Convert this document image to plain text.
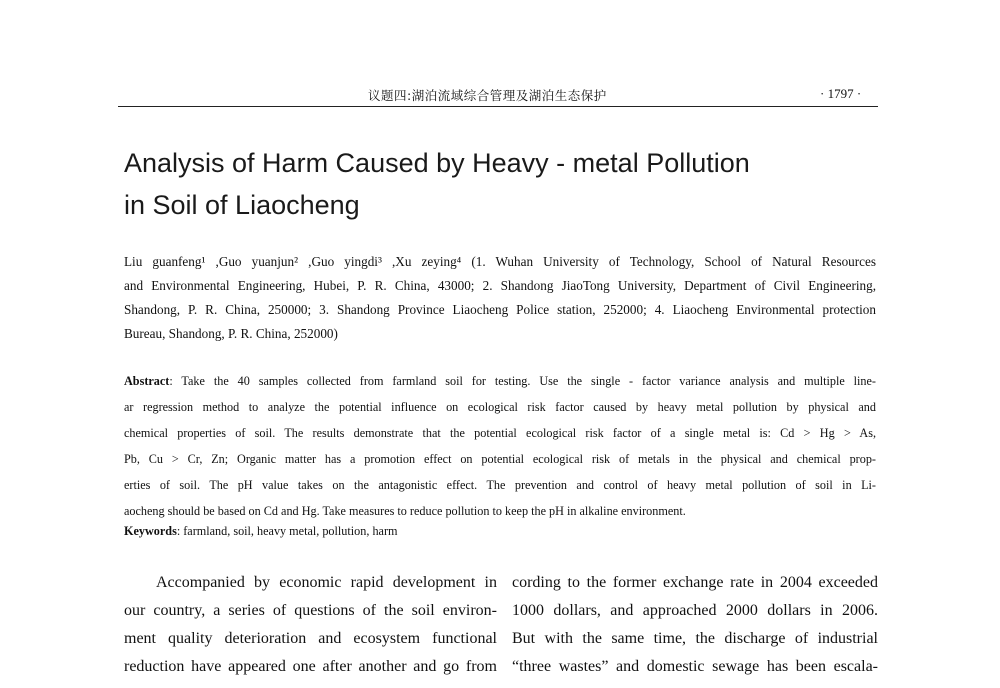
议题四:湖泊流域综合管理及湖泊生态保护	· 1797 ·
Analysis of Harm Caused by Heavy - metal Pollution
in Soil of Liaocheng
Liu guanfeng¹ ,Guo yuanjun² ,Guo yingdi³ ,Xu zeying⁴ (1. Wuhan University of Technology, School of Natural Resources
and Environmental Engineering, Hubei, P. R. China, 43000; 2. Shandong JiaoTong University, Department of Civil Engineering,
Shandong, P. R. China, 250000; 3. Shandong Province Liaocheng Police station, 252000; 4. Liaocheng Environmental protection
Bureau, Shandong, P. R. China, 252000)
Abstract : Take the 40 samples collected from farmland soil for testing. Use the single - factor variance analysis and multiple line-
ar regression method to analyze the potential influence on ecological risk factor caused by heavy metal pollution by physical and
chemical properties of soil. The results demonstrate that the potential ecological risk factor of a single metal is: Cd > Hg > As,
Pb, Cu > Cr, Zn; Organic matter has a promotion effect on potential ecological risk of metals in the physical and chemical prop-
erties of soil. The pH value takes on the antagonistic effect. The prevention and control of heavy metal pollution of soil in Li-
aocheng should be based on Cd and Hg. Take measures to reduce pollution to keep the pH in alkaline environment.
Keywords: farmland, soil, heavy metal, pollution, harm
Accompanied by economic rapid development in
our country, a series of questions of the soil environ-
ment quality deterioration and ecosystem functional
reduction have appeared one after another and go from
cording to the former exchange rate in 2004 exceeded
1000 dollars, and approached 2000 dollars in 2006.
But with the same time, the discharge of industrial
“three wastes” and domestic sewage has been escala-
